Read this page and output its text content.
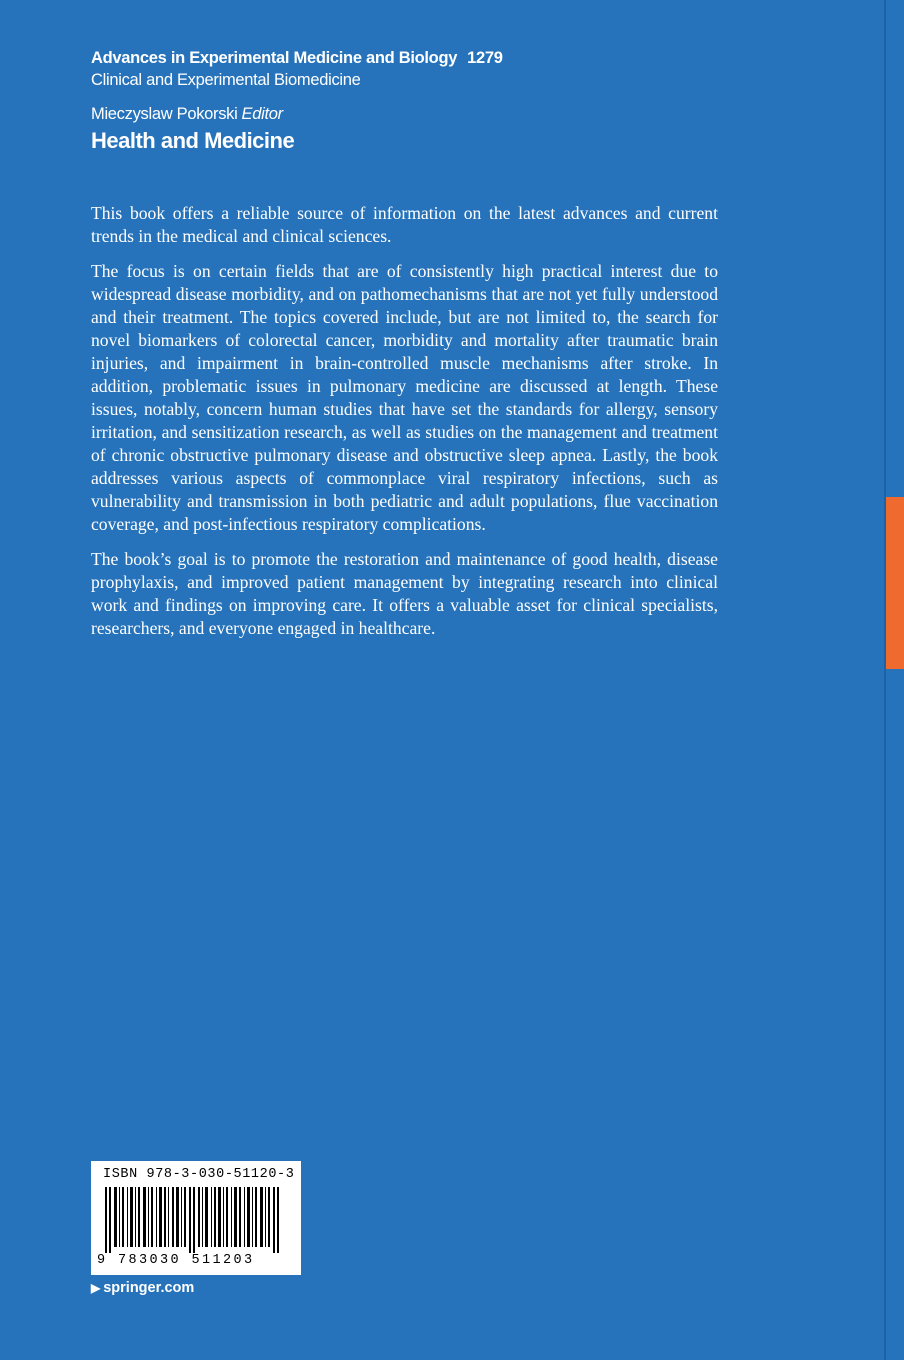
Advances in Experimental Medicine and Biology 1279
Clinical and Experimental Biomedicine
Mieczyslaw Pokorski Editor
Health and Medicine

This book offers a reliable source of information on the latest advances and current trends in the medical and clinical sciences.

The focus is on certain fields that are of consistently high practical interest due to widespread disease morbidity, and on pathomechanisms that are not yet fully understood and their treatment. The topics covered include, but are not limited to, the search for novel biomarkers of colorectal cancer, morbidity and mortality after traumatic brain injuries, and impairment in brain-controlled muscle mechanisms after stroke. In addition, problematic issues in pulmonary medicine are discussed at length. These issues, notably, concern human studies that have set the standards for allergy, sensory irritation, and sensitization research, as well as studies on the management and treatment of chronic obstructive pulmonary disease and obstructive sleep apnea. Lastly, the book addresses various aspects of commonplace viral respiratory infections, such as vulnerability and transmission in both pediatric and adult populations, flue vaccination coverage, and post-infectious respiratory complications.

The book’s goal is to promote the restoration and maintenance of good health, disease prophylaxis, and improved patient management by integrating research into clinical work and findings on improving care. It offers a valuable asset for clinical specialists, researchers, and everyone engaged in healthcare.

ISBN 978-3-030-51120-3
9 783030 511203
▶ springer.com
